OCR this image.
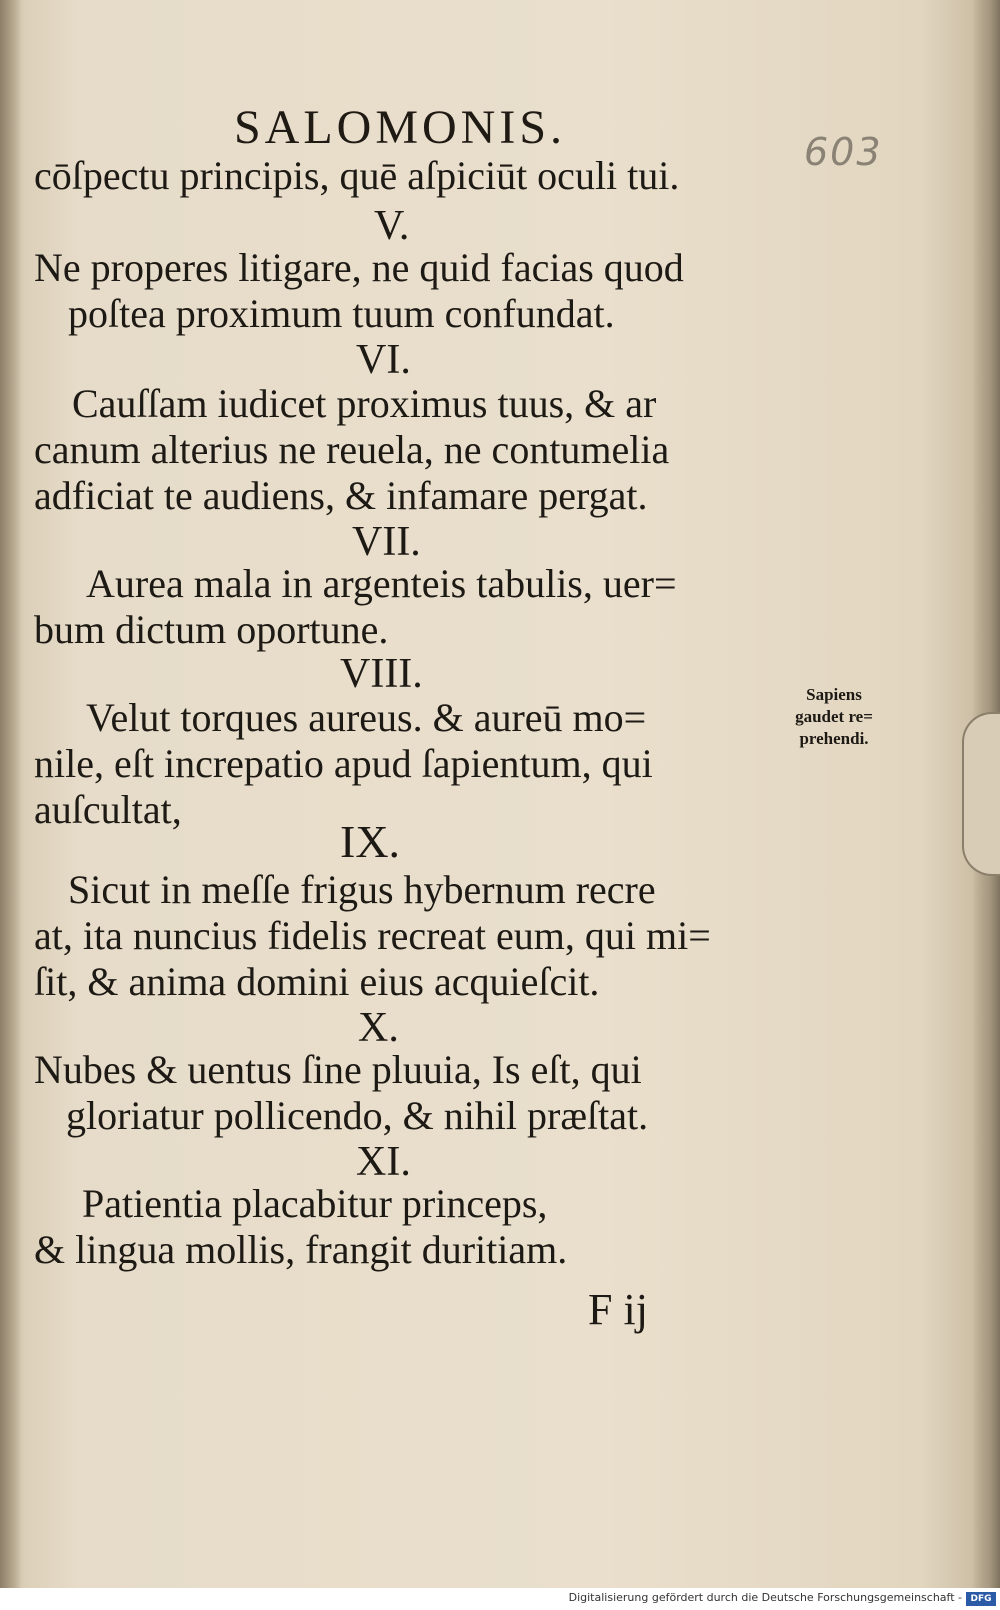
SALOMONIS.	603
cōſpectu principis, quē aſpiciūt oculi tui.
V.
Ne properes litigare, ne quid facias quod
poſtea proximum tuum confundat.
VI.
Cauſſam iudicet proximus tuus, & ar
canum alterius ne reuela, ne contumelia
adficiat te audiens, & infamare pergat.
VII.
Aurea mala in argenteis tabulis, uer=
bum dictum oportune.
VIII.
Velut torques aureus. & aureū mo=
nile, eſt increpatio apud ſapientum, qui
auſcultat,
IX.
Sicut in meſſe frigus hybernum recre
at, ita nuncius fidelis recreat eum, qui mi=
ſit, & anima domini eius acquieſcit.
X.
Nubes & uentus ſine pluuia, Is eſt, qui
gloriatur pollicendo, & nihil præſtat.
XI.
Patientia placabitur princeps,
& lingua mollis, frangit duritiam.
F ij
Sapiens
gaudet re=
prehendi.
Digitalisierung gefördert durch die Deutsche Forschungsgemeinschaft - DFG
